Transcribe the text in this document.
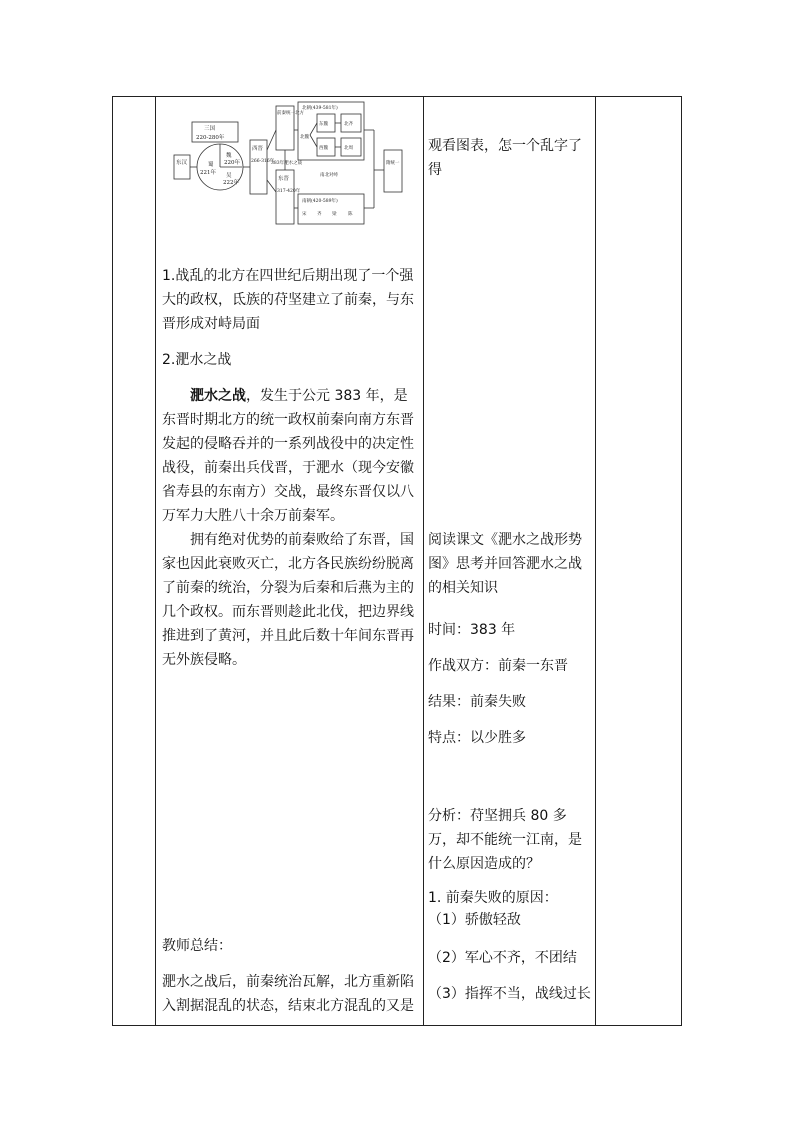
三国
220-280年
东汉	蜀
221年
魏
220年
吴
222年
西晋
266-316年
前秦统一北方
383年淝水之战
东晋
317-420年
北朝(439-581年)
北魏
东魏	北齐
西魏	北周
南北对峙
南朝(420-589年)
宋 齐 梁	陈
隋统一

1.战乱的北方在四世纪后期出现了一个强大的政权，氐族的苻坚建立了前秦，与东晋形成对峙局面

2.淝水之战

淝水之战，发生于公元 383 年，是东晋时期北方的统一政权前秦向南方东晋发起的侵略吞并的一系列战役中的决定性战役，前秦出兵伐晋，于淝水（现今安徽省寿县的东南方）交战，最终东晋仅以八万军力大胜八十余万前秦军。

拥有绝对优势的前秦败给了东晋，国家也因此衰败灭亡，北方各民族纷纷脱离了前秦的统治，分裂为后秦和后燕为主的几个政权。而东晋则趁此北伐，把边界线推进到了黄河，并且此后数十年间东晋再无外族侵略。

教师总结：

淝水之战后，前秦统治瓦解，北方重新陷入割据混乱的状态，结束北方混乱的又是

观看图表，怎一个乱字了得

阅读课文《淝水之战形势图》思考并回答淝水之战的相关知识

时间：383 年

作战双方：前秦一东晋

结果：前秦失败

特点：以少胜多

分析：苻坚拥兵 80 多万，却不能统一江南，是什么原因造成的？

1. 前秦失败的原因：

（1）骄傲轻敌

（2）军心不齐，不团结

（3）指挥不当，战线过长
